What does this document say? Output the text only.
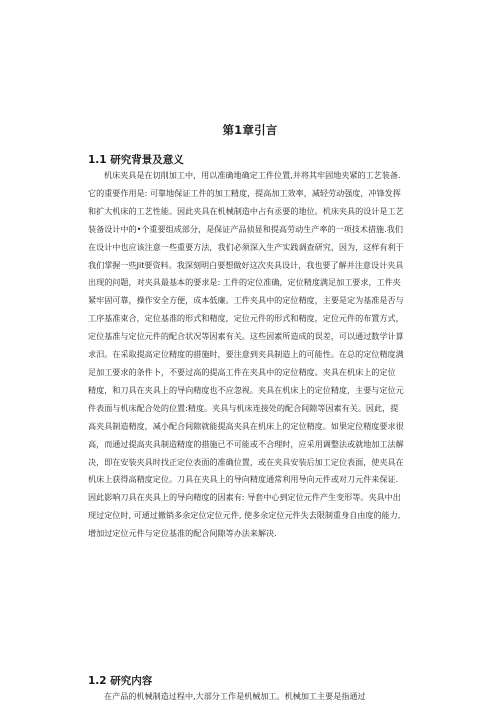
第1章引言
1.1 研究背景及意义
机床夹具是在切削加工中，用以准确地确定工件位置,并将其牢固地夹紧的工艺装备.
它的重要作用是: 可靠地保证工件的加工精度，提高加工效率，减轻劳动强度，冲锋发挥
和扩大机床的工艺性能。因此夹具在机械制造中占有丞要的地位。机床夹具的设计是工艺
装备设计中的•个重要组成部分，是保证产品侦显和提高劳动生产率的一项技术措施.我们
在设计中也应该注意一些重要方法，我们必须深入生产实践调查研究，因为，这样有利于
我们掌握一些Jit要资料。我深刻明白要想做好这次夹具设计，我也要了解并注意设计夹具
出现的问题，对夹具最基本的要求是: 工件的定位准确，定位精度满足加工要求，工件夹
紧牢固可靠，操作安全方便，成本低廉。工件夹具中的定位精度，主要是定为基准是否与
工序基准束合，定位基准的形式和精度，定位元件的形式和精度，定位元件的布置方式，
定位基准与定位元件的配合状况等因素有关。这些因素所造成的误差，可以通过数学计算
求汨。在采取提高定位精度的措施时，要注意到夹具制造上的可能性。在总的定位精度满
足加工要求的条件卜，不要过高的提高工件在夹具中的定位精度。夹具在机床上的定位
精度，和刀具在夹具上的导向精度也不应忽视。夹具在机床上的定位精度，主要与定位元
件表面与机床配合处的位置:精度。夹具与机床连接处的配合间隙等因素有关。因此，提
高夹具制造精度，减小配合间隙就能提高夹具在机床上的定位精度。如果定位精度要求很
高，而通过提高夹具制造精度的措施已不可能或不合理时，应采用调整法或就地加工法解
决，即在安装夹具时找正定位表面的准确位置，或在夹具安装后加工定位表面，使夹具在
机床上获得高精度定位。刀具在夹具上的导向精度通常利用导向元件或对刀元件来保证.
因此影响刀具在夹具上的导向精度的因素有: 导套中心到定位元件产生变形等。夹具中出
现过定位时, 可通过撤销多余定位定位元件, 使多余定位元件失去限制重身自由度的能力,
增加过定位元件与定位基准的配合间隙等办法来解决.
1.2 研究内容
在产品的机械制造过程中,大部分工作是机械加工。机械加工主要是指通过
